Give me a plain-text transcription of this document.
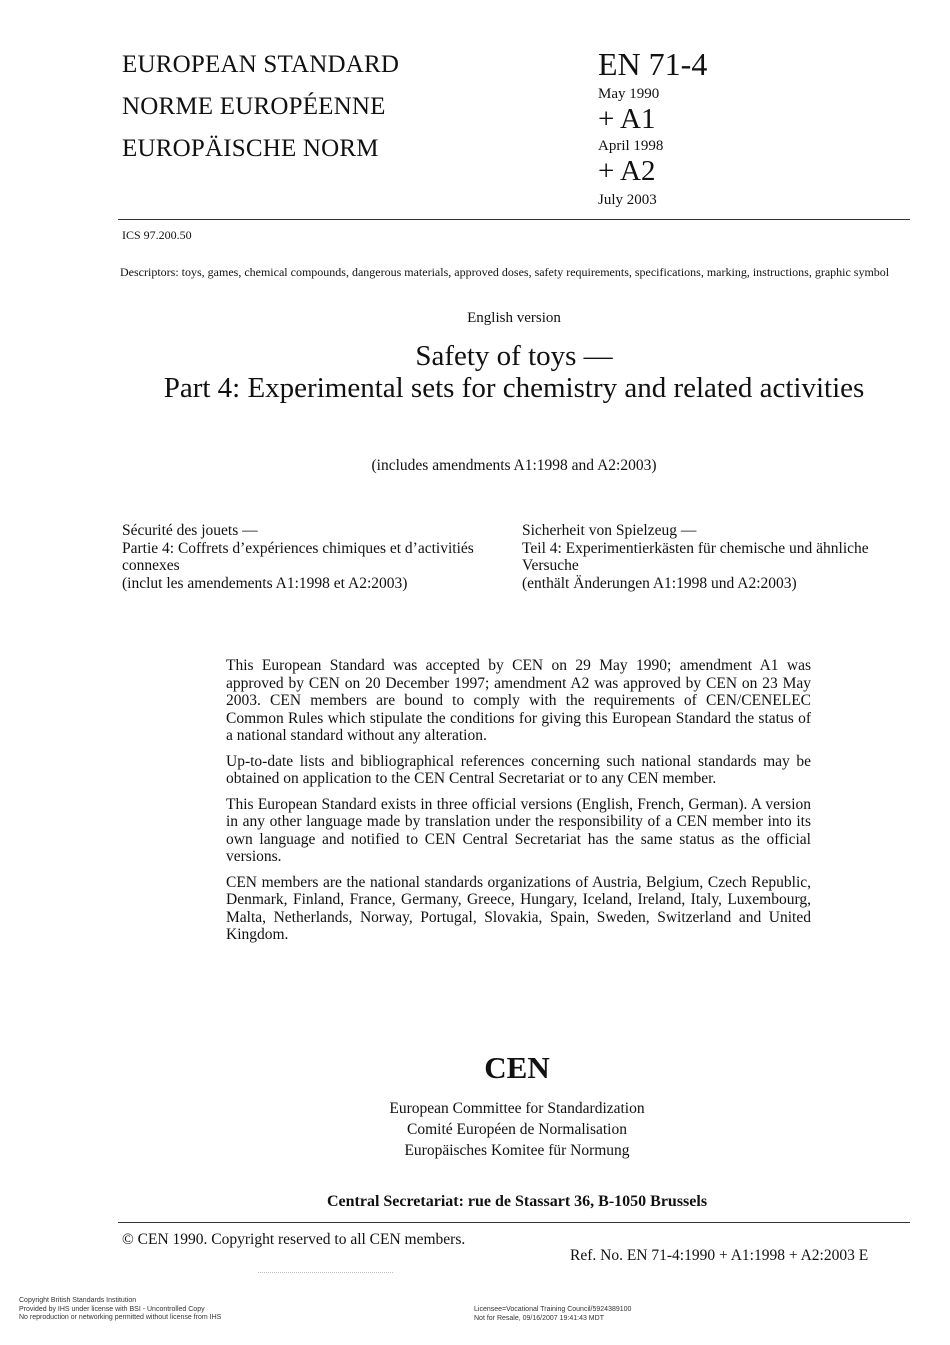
EUROPEAN STANDARD
NORME EUROPÉENNE
EUROPÄISCHE NORM
EN 71-4
May 1990
+ A1
April 1998
+ A2
July 2003
ICS 97.200.50
Descriptors: toys, games, chemical compounds, dangerous materials, approved doses, safety requirements, specifications, marking, instructions, graphic symbol
English version
Safety of toys —
Part 4: Experimental sets for chemistry and related activities
(includes amendments A1:1998 and A2:2003)
Sécurité des jouets —
Partie 4: Coffrets d’expériences chimiques et d’activitiés connexes
(inclut les amendements A1:1998 et A2:2003)
Sicherheit von Spielzeug —
Teil 4: Experimentierkästen für chemische und ähnliche Versuche
(enthält Änderungen A1:1998 und A2:2003)

This European Standard was accepted by CEN on 29 May 1990; amendment A1 was approved by CEN on 20 December 1997; amendment A2 was approved by CEN on 23 May 2003. CEN members are bound to comply with the requirements of CEN/CENELEC Common Rules which stipulate the conditions for giving this European Standard the status of a national standard without any alteration.

Up-to-date lists and bibliographical references concerning such national standards may be obtained on application to the CEN Central Secretariat or to any CEN member.

This European Standard exists in three official versions (English, French, German). A version in any other language made by translation under the responsibility of a CEN member into its own language and notified to CEN Central Secretariat has the same status as the official versions.

CEN members are the national standards organizations of Austria, Belgium, Czech Republic, Denmark, Finland, France, Germany, Greece, Hungary, Iceland, Ireland, Italy, Luxembourg, Malta, Netherlands, Norway, Portugal, Slovakia, Spain, Sweden, Switzerland and United Kingdom.

CEN
European Committee for Standardization
Comité Européen de Normalisation
Europäisches Komitee für Normung
Central Secretariat: rue de Stassart 36, B-1050 Brussels
© CEN 1990. Copyright reserved to all CEN members.
Ref. No. EN 71-4:1990 + A1:1998 + A2:2003 E
Copyright British Standards Institution
Provided by IHS under license with BSI - Uncontrolled Copy
No reproduction or networking permitted without license from IHS
Licensee=Vocational Training Council/5924389100
Not for Resale, 09/16/2007 19:41:43 MDT
